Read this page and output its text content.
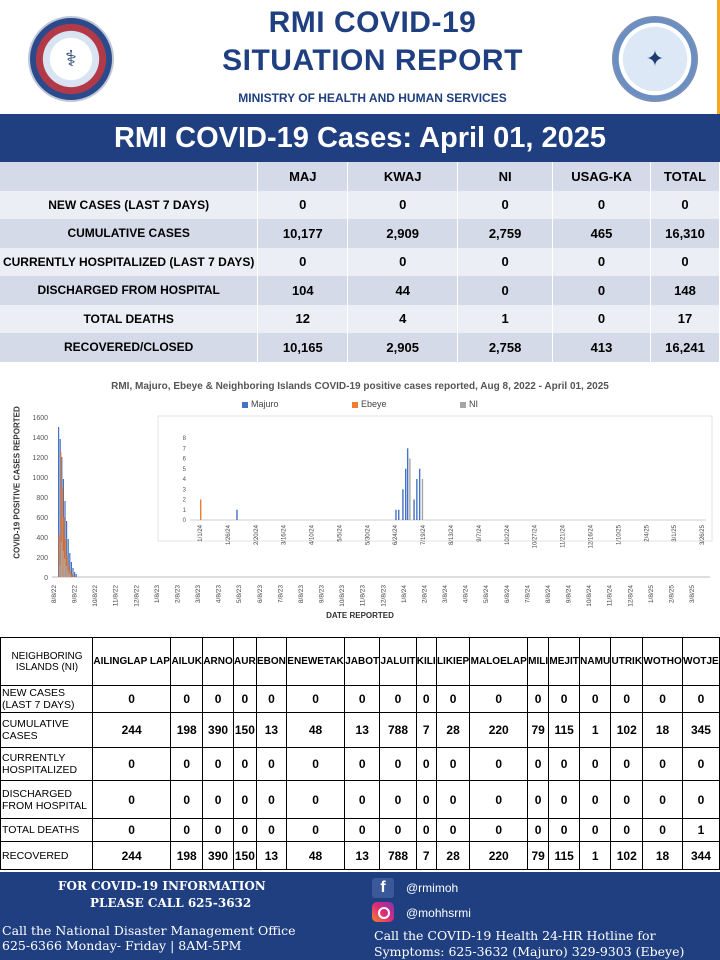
⚕
RMI COVID-19
SITUATION REPORT
MINISTRY OF HEALTH AND HUMAN SERVICES
✦
RMI COVID-19 Cases: April 01, 2025
	MAJ	KWAJ	NI	USAG-KA	TOTAL
NEW CASES (LAST 7 DAYS)	0	0	0	0	0
CUMULATIVE CASES	10,177	2,909	2,759	465	16,310
CURRENTLY HOSPITALIZED (LAST 7 DAYS)	0	0	0	0	0
DISCHARGED FROM HOSPITAL	104	44	0	0	148
TOTAL DEATHS	12	4	1	0	17
RECOVERED/CLOSED	10,165	2,905	2,758	413	16,241
0
200
400
600
800
1000
1200
1400
1600
8/8/22 9/8/22 10/8/22 11/8/22 12/8/22 1/8/23 2/8/23 3/8/23 4/8/23 5/8/23 6/8/23 7/8/23 8/8/23 9/8/23 10/8/23 11/8/23 12/8/23 1/8/24 2/8/24 3/8/24 4/8/24 5/8/24 6/8/24 7/8/24 8/8/24 9/8/24 10/8/24 11/8/24 12/8/24 1/8/25 2/8/25 3/8/25
0
1
2
3
4
5
6
7
8
1/1/24	1/26/24	2/20/24	3/16/24	4/10/24	5/5/24	5/30/24	6/24/24	7/19/24	8/13/24	9/7/24	10/2/24	10/27/24	11/21/24	12/16/24	1/10/25	2/4/25	3/1/25	3/26/25
RMI, Majuro, Ebeye & Neighboring Islands COVID-19 positive cases reported, Aug 8, 2022 - April 01, 2025
Majuro	Ebeye	NI
COVID-19 POSITIVE CASES REPORTED
DATE REPORTED
NEIGHBORING ISLANDS (NI)	AILINGLAP LAP	AILUK	ARNO	AUR	EBON	ENEWETAK	JABOT	JALUIT	KILI	LIKIEP	MALOELAP	MILI	MEJIT	NAMU	UTRIK	WOTHO	WOTJE
NEW CASES (LAST 7 DAYS)	0	0	0	0	0	0	0	0	0	0	0	0	0	0	0	0	0
CUMULATIVE CASES	244	198	390	150	13	48	13	788	7	28	220	79	115	1	102	18	345
CURRENTLY HOSPITALIZED	0	0	0	0	0	0	0	0	0	0	0	0	0	0	0	0	0
DISCHARGED FROM HOSPITAL	0	0	0	0	0	0	0	0	0	0	0	0	0	0	0	0	0
TOTAL DEATHS	0	0	0	0	0	0	0	0	0	0	0	0	0	0	0	0	1
RECOVERED	244	198	390	150	13	48	13	788	7	28	220	79	115	1	102	18	344
FOR COVID-19 INFORMATION
PLEASE CALL 625-3632
Call the National Disaster Management Office
625-6366 Monday- Friday | 8AM-5PM
f	@rmimoh
@mohhsrmi
Call the COVID-19 Health 24-HR Hotline for
Symptoms: 625-3632 (Majuro) 329-9303 (Ebeye)
